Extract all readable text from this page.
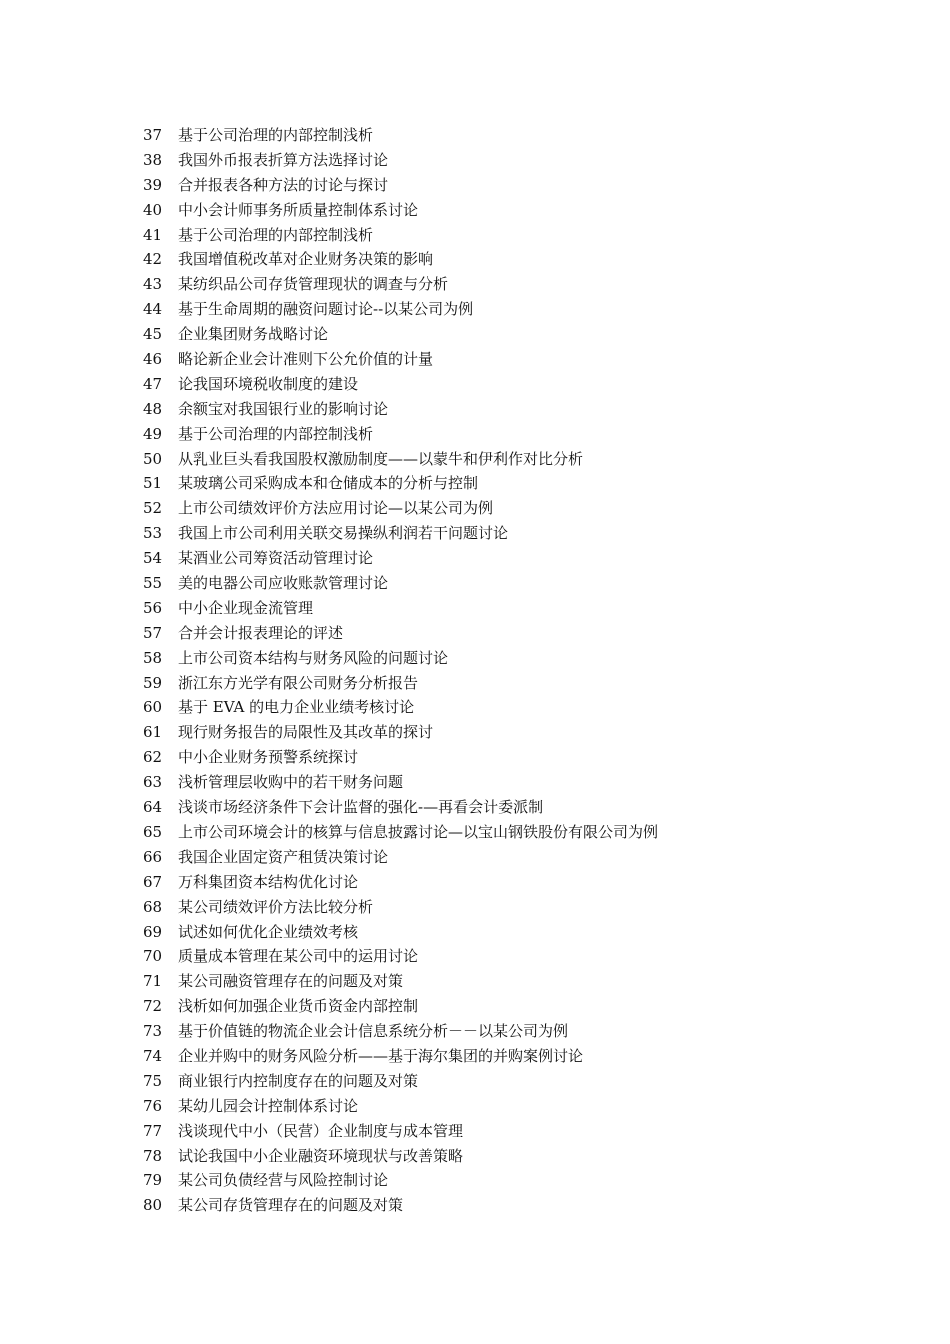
37	基于公司治理的内部控制浅析
38	我国外币报表折算方法选择讨论
39	合并报表各种方法的讨论与探讨
40	中小会计师事务所质量控制体系讨论
41	基于公司治理的内部控制浅析
42	我国增值税改革对企业财务决策的影响
43	某纺织品公司存货管理现状的调查与分析
44	基于生命周期的融资问题讨论--以某公司为例
45	企业集团财务战略讨论
46	略论新企业会计准则下公允价值的计量
47	论我国环境税收制度的建设
48	余额宝对我国银行业的影响讨论
49	基于公司治理的内部控制浅析
50	从乳业巨头看我国股权激励制度——以蒙牛和伊利作对比分析
51	某玻璃公司采购成本和仓储成本的分析与控制
52	上市公司绩效评价方法应用讨论—以某公司为例
53	我国上市公司利用关联交易操纵利润若干问题讨论
54	某酒业公司筹资活动管理讨论
55	美的电器公司应收账款管理讨论
56	中小企业现金流管理
57	合并会计报表理论的评述
58	上市公司资本结构与财务风险的问题讨论
59	浙江东方光学有限公司财务分析报告
60	基于 EVA 的电力企业业绩考核讨论
61	现行财务报告的局限性及其改革的探讨
62	中小企业财务预警系统探讨
63	浅析管理层收购中的若干财务问题
64	浅谈市场经济条件下会计监督的强化-—再看会计委派制
65	上市公司环境会计的核算与信息披露讨论—以宝山钢铁股份有限公司为例
66	我国企业固定资产租赁决策讨论
67	万科集团资本结构优化讨论
68	某公司绩效评价方法比较分析
69	试述如何优化企业绩效考核
70	质量成本管理在某公司中的运用讨论
71	某公司融资管理存在的问题及对策
72	浅析如何加强企业货币资金内部控制
73	基于价值链的物流企业会计信息系统分析－－以某公司为例
74	企业并购中的财务风险分析——基于海尔集团的并购案例讨论
75	商业银行内控制度存在的问题及对策
76	某幼儿园会计控制体系讨论
77	浅谈现代中小（民营）企业制度与成本管理
78	试论我国中小企业融资环境现状与改善策略
79	某公司负债经营与风险控制讨论
80	某公司存货管理存在的问题及对策
